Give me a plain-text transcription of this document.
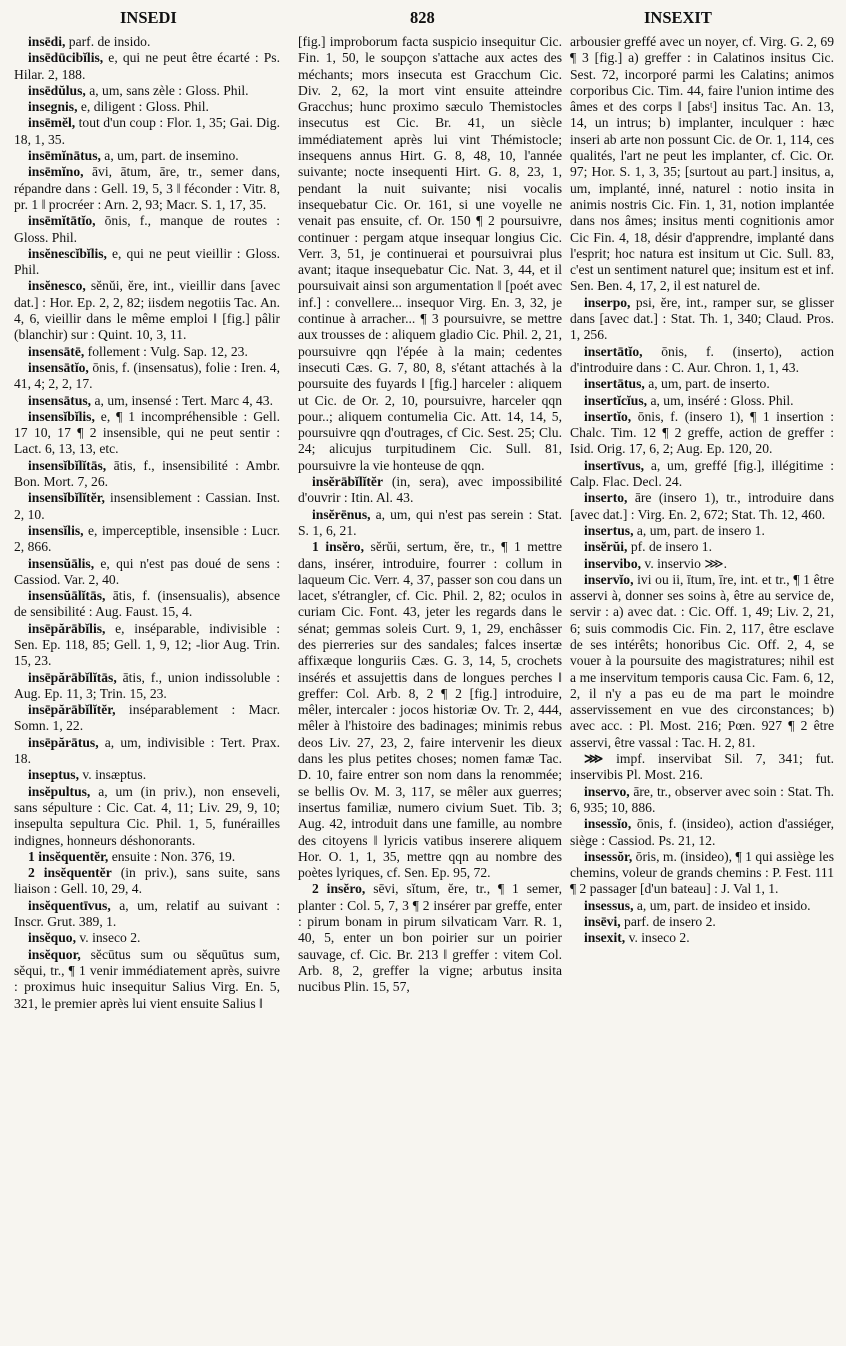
INSEDI	828	INSEXIT

insēdi, parf. de insido.

insēdūcibĭlis, e, qui ne peut être écarté : Ps. Hilar. 2, 188.

insēdŭlus, a, um, sans zèle : Gloss. Phil.

insegnis, e, diligent : Gloss. Phil.

insēmĕl, tout d'un coup : Flor. 1, 35; Gai. Dig. 18, 1, 35.

insēmĭnātus, a, um, part. de insemino.

insēmĭno, āvi, ātum, āre, tr., semer dans, répandre dans : Gell. 19, 5, 3 ‖ féconder : Vitr. 8, pr. 1 ‖ procréer : Arn. 2, 93; Macr. S. 1, 17, 35.

insēmĭtātĭo, ōnis, f., manque de routes : Gloss. Phil.

insĕnescĭbĭlis, e, qui ne peut vieillir : Gloss. Phil.

insĕnesco, sĕnŭi, ĕre, int., vieillir dans [avec dat.] : Hor. Ep. 2, 2, 82; iisdem negotiis Tac. An. 4, 6, vieillir dans le même emploi ‖ [fig.] pâlir (blanchir) sur : Quint. 10, 3, 11.

insensātē, follement : Vulg. Sap. 12, 23.

insensātĭo, ōnis, f. (insensatus), folie : Iren. 4, 41, 4; 2, 2, 17.

insensātus, a, um, insensé : Tert. Marc 4, 43.

insensĭbĭlis, e, ¶ 1 incompréhensible : Gell. 17 10, 17 ¶ 2 insensible, qui ne peut sentir : Lact. 6, 13, 13, etc.

insensĭbĭlĭtās, ātis, f., insensibilité : Ambr. Bon. Mort. 7, 26.

insensĭbĭlĭtĕr, insensiblement : Cassian. Inst. 2, 10.

insensĭlis, e, imperceptible, insensible : Lucr. 2, 866.

insensŭālis, e, qui n'est pas doué de sens : Cassiod. Var. 2, 40.

insensŭālĭtās, ātis, f. (insensualis), absence de sensibilité : Aug. Faust. 15, 4.

insēpărābĭlis, e, inséparable, indivisible : Sen. Ep. 118, 85; Gell. 1, 9, 12; -lior Aug. Trin. 15, 23.

insēpărābĭlĭtās, ātis, f., union indissoluble : Aug. Ep. 11, 3; Trin. 15, 23.

insēpărābĭlĭtĕr, inséparablement : Macr. Somn. 1, 22.

insēpărātus, a, um, indivisible : Tert. Prax. 18.

inseptus, v. insæptus.

insĕpultus, a, um (in priv.), non enseveli, sans sépulture : Cic. Cat. 4, 11; Liv. 29, 9, 10; insepulta sepultura Cic. Phil. 1, 5, funérailles indignes, honneurs déshonorants.

1 insĕquentĕr, ensuite : Non. 376, 19.

2 insĕquentĕr (in priv.), sans suite, sans liaison : Gell. 10, 29, 4.

insĕquentīvus, a, um, relatif au suivant : Inscr. Grut. 389, 1.

insĕquo, v. inseco 2.

insĕquor, sĕcūtus sum ou sĕquūtus sum, sĕqui, tr., ¶ 1 venir immédiatement après, suivre : proximus huic insequitur Salius Virg. En. 5, 321, le premier après lui vient ensuite Salius ‖

[fig.] improborum facta suspicio insequitur Cic. Fin. 1, 50, le soupçon s'attache aux actes des méchants; mors insecuta est Gracchum Cic. Div. 2, 62, la mort vint ensuite atteindre Gracchus; hunc proximo sæculo Themistocles insecutus est Cic. Br. 41, un siècle immédiatement après lui vint Thémistocle; insequens annus Hirt. G. 8, 48, 10, l'année suivante; nocte insequenti Hirt. G. 8, 23, 1, pendant la nuit suivante; nisi vocalis insequebatur Cic. Or. 161, si une voyelle ne venait pas ensuite, cf. Or. 150 ¶ 2 poursuivre, continuer : pergam atque insequar longius Cic. Verr. 3, 51, je continuerai et poursuivrai plus avant; itaque insequebatur Cic. Nat. 3, 44, et il poursuivait ainsi son argumentation ‖ [poét avec inf.] : convellere... insequor Virg. En. 3, 32, je continue à arracher... ¶ 3 poursuivre, se mettre aux trousses de : aliquem gladio Cic. Phil. 2, 21, poursuivre qqn l'épée à la main; cedentes insecuti Cæs. G. 7, 80, 8, s'étant attachés à la poursuite des fuyards ‖ [fig.] harceler : aliquem ut Cic. de Or. 2, 10, poursuivre, harceler qqn pour..; aliquem contumelia Cic. Att. 14, 14, 5, poursuivre qqn d'outrages, cf Cic. Sest. 25; Clu. 24; alicujus turpitudinem Cic. Sull. 81, poursuivre la vie honteuse de qqn.

insĕrābĭlĭtĕr (in, sera), avec impossibilité d'ouvrir : Itin. Al. 43.

insĕrēnus, a, um, qui n'est pas serein : Stat. S. 1, 6, 21.

1 insĕro, sĕrŭi, sertum, ĕre, tr., ¶ 1 mettre dans, insérer, introduire, fourrer : collum in laqueum Cic. Verr. 4, 37, passer son cou dans un lacet, s'étrangler, cf. Cic. Phil. 2, 82; oculos in curiam Cic. Font. 43, jeter les regards dans le sénat; gemmas soleis Curt. 9, 1, 29, enchâsser des pierreries sur des sandales; falces insertæ affixæque longuriis Cæs. G. 3, 14, 5, crochets insérés et assujettis dans de longues perches ‖ greffer: Col. Arb. 8, 2 ¶ 2 [fig.] introduire, mêler, intercaler : jocos historiæ Ov. Tr. 2, 444, mêler à l'histoire des badinages; minimis rebus deos Liv. 27, 23, 2, faire intervenir les dieux dans les plus petites choses; nomen famæ Tac. D. 10, faire entrer son nom dans la renommée; se bellis Ov. M. 3, 117, se mêler aux guerres; insertus familiæ, numero civium Suet. Tib. 3; Aug. 42, introduit dans une famille, au nombre des citoyens ‖ lyricis vatibus inserere aliquem Hor. O. 1, 1, 35, mettre qqn au nombre des poètes lyriques, cf. Sen. Ep. 95, 72.

2 insĕro, sēvi, sĭtum, ĕre, tr., ¶ 1 semer, planter : Col. 5, 7, 3 ¶ 2 insérer par greffe, enter : pirum bonam in pirum silvaticam Varr. R. 1, 40, 5, enter un bon poirier sur un poirier sauvage, cf. Cic. Br. 213 ‖ greffer : vitem Col. Arb. 8, 2, greffer la vigne; arbutus insita nucibus Plin. 15, 57,

arbousier greffé avec un noyer, cf. Virg. G. 2, 69 ¶ 3 [fig.] a) greffer : in Calatinos insitus Cic. Sest. 72, incorporé parmi les Calatins; animos corporibus Cic. Tim. 44, faire l'union intime des âmes et des corps ‖ [absᵗ] insitus Tac. An. 13, 14, un intrus; b) implanter, inculquer : hæc inseri ab arte non possunt Cic. de Or. 1, 114, ces qualités, l'art ne peut les implanter, cf. Cic. Or. 97; Hor. S. 1, 3, 35; [surtout au part.] insitus, a, um, implanté, inné, naturel : notio insita in animis nostris Cic. Fin. 1, 31, notion implantée dans nos âmes; insitus menti cognitionis amor Cic Fin. 4, 18, désir d'apprendre, implanté dans l'esprit; hoc natura est insitum ut Cic. Sull. 83, c'est un sentiment naturel que; insitum est et inf. Sen. Ben. 4, 17, 2, il est naturel de.

inserpo, psi, ĕre, int., ramper sur, se glisser dans [avec dat.] : Stat. Th. 1, 340; Claud. Pros. 1, 256.

insertātĭo, ōnis, f. (inserto), action d'introduire dans : C. Aur. Chron. 1, 1, 43.

insertātus, a, um, part. de inserto.

insertĭcĭus, a, um, inséré : Gloss. Phil.

insertĭo, ōnis, f. (insero 1), ¶ 1 insertion : Chalc. Tim. 12 ¶ 2 greffe, action de greffer : Isid. Orig. 17, 6, 2; Aug. Ep. 120, 20.

insertīvus, a, um, greffé [fig.], illégitime : Calp. Flac. Decl. 24.

inserto, āre (insero 1), tr., introduire dans [avec dat.] : Virg. En. 2, 672; Stat. Th. 12, 460.

insertus, a, um, part. de insero 1.

insĕrŭi, pf. de insero 1.

inservibo, v. inservio ⋙.

inservĭo, ivi ou ii, ītum, īre, int. et tr., ¶ 1 être asservi à, donner ses soins à, être au service de, servir : a) avec dat. : Cic. Off. 1, 49; Liv. 2, 21, 6; suis commodis Cic. Fin. 2, 117, être esclave de ses intérêts; honoribus Cic. Off. 2, 4, se vouer à la poursuite des magistratures; nihil est a me inservitum temporis causa Cic. Fam. 6, 12, 2, il n'y a pas eu de ma part le moindre asservissement en vue des circonstances; b) avec acc. : Pl. Most. 216; Pœn. 927 ¶ 2 être asservi, être vassal : Tac. H. 2, 81.

⋙ impf. inservibat Sil. 7, 341; fut. inservibis Pl. Most. 216.

inservo, āre, tr., observer avec soin : Stat. Th. 6, 935; 10, 886.

insessĭo, ōnis, f. (insideo), action d'assiéger, siège : Cassiod. Ps. 21, 12.

insessŏr, ōris, m. (insideo), ¶ 1 qui assiège les chemins, voleur de grands chemins : P. Fest. 111 ¶ 2 passager [d'un bateau] : J. Val 1, 1.

insessus, a, um, part. de insideo et insido.

insēvi, parf. de insero 2.

insexit, v. inseco 2.
